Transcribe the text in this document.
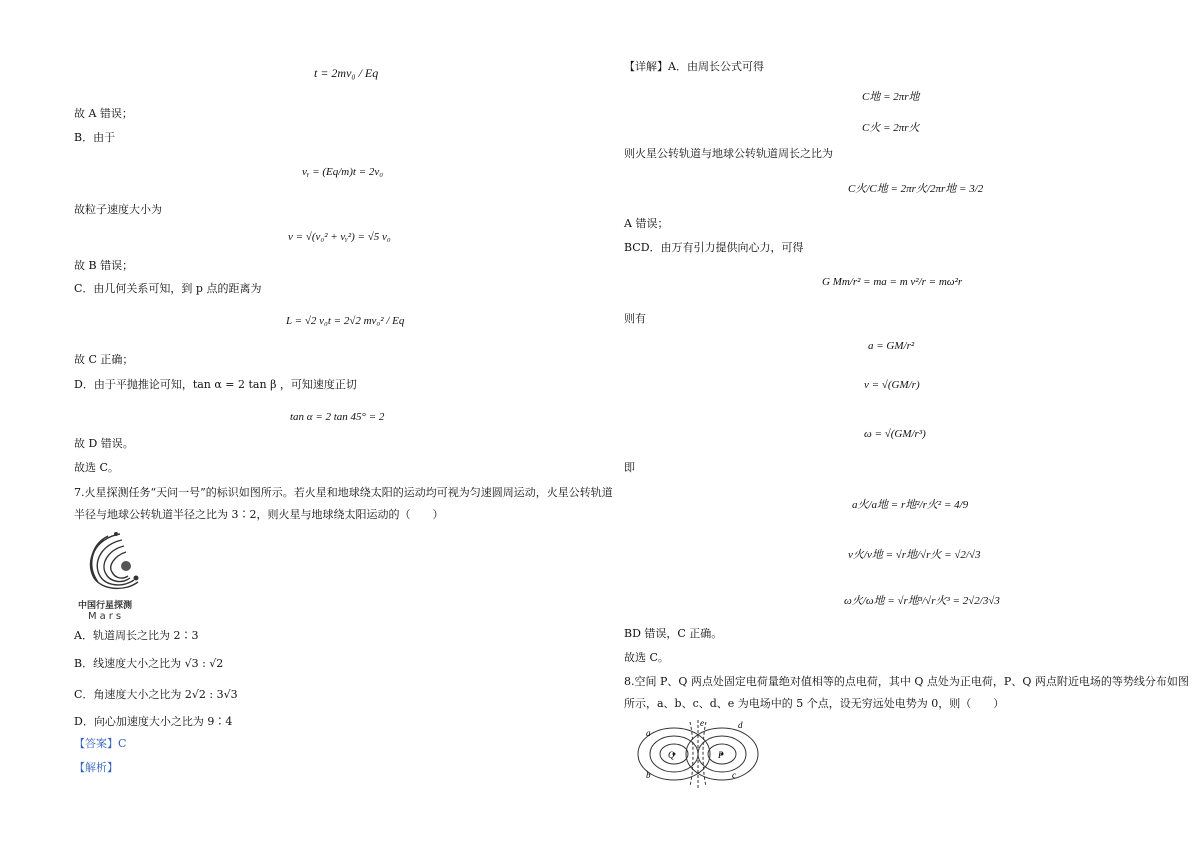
t = 2mv₀ / Eq
故 A 错误；
B．由于
vᵧ = (Eq/m)t = 2v₀
故粒子速度大小为
v = √(v₀² + vᵧ²) = √5 v₀
故 B 错误；
C．由几何关系可知，到 p 点的距离为
L = √2 v₀t = 2√2 mv₀² / Eq
故 C 正确；
D．由于平抛推论可知，tan α = 2 tan β ，可知速度正切
tan α = 2 tan 45° = 2
故 D 错误。
故选 C。
7.火星探测任务“天问一号”的标识如图所示。若火星和地球绕太阳的运动均可视为匀速圆周运动，火星公转轨道
半径与地球公转轨道半径之比为 3∶2，则火星与地球绕太阳运动的（　　）
中国行星探测
Mars
A．轨道周长之比为 2∶3
B．线速度大小之比为 √3 : √2
C．角速度大小之比为 2√2 : 3√3
D．向心加速度大小之比为 9∶4
【答案】C
【解析】
【详解】A．由周长公式可得
C地 = 2πr地
C火 = 2πr火
则火星公转轨道与地球公转轨道周长之比为
C火/C地 = 2πr火/2πr地 = 3/2
A 错误；
BCD．由万有引力提供向心力，可得
G Mm/r² = ma = m v²/r = mω²r
则有
a = GM/r²
v = √(GM/r)
ω = √(GM/r³)
即
a火/a地 = r地²/r火² = 4/9
v火/v地 = √r地/√r火 = √2/√3
ω火/ω地 = √r地³/√r火³ = 2√2/3√3
BD 错误，C 正确。
故选 C。
8.空间 P、Q 两点处固定电荷量绝对值相等的点电荷，其中 Q 点处为正电荷，P、Q 两点附近电场的等势线分布如图
所示，a、b、c、d、e 为电场中的 5 个点，设无穷远处电势为 0，则（　　）
a
b	c
d
e
Q	P
